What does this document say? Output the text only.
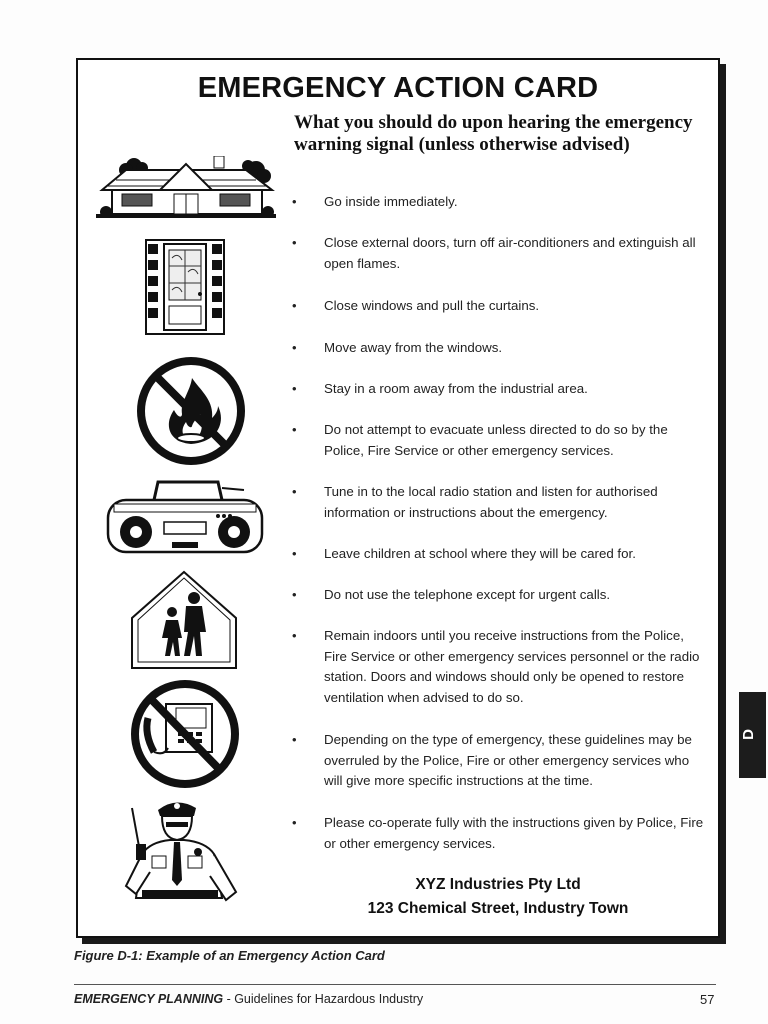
EMERGENCY ACTION CARD
What you should do upon hearing the emergency warning signal (unless otherwise advised)
• Go inside immediately.
• Close external doors, turn off air-conditioners and extinguish all open flames.
• Close windows and pull the curtains.
• Move away from the windows.
• Stay in a room away from the industrial area.
• Do not attempt to evacuate unless directed to do so by the Police, Fire Service or other emergency services.
• Tune in to the local radio station and listen for authorised information or instructions about the emergency.
• Leave children at school where they will be cared for.
• Do not use the telephone except for urgent calls.
• Remain indoors until you receive instructions from the Police, Fire Service or other emergency services personnel or the radio station. Doors and windows should only be opened to restore ventilation when advised to do so.
• Depending on the type of emergency, these guidelines may be overruled by the Police, Fire or other emergency services who will give more specific instructions at the time.
• Please co-operate fully with the instructions given by Police, Fire or other emergency services.
XYZ Industries Pty Ltd
123 Chemical Street, Industry Town
Figure D-1: Example of an Emergency Action Card
EMERGENCY PLANNING - Guidelines for Hazardous Industry	57
D
